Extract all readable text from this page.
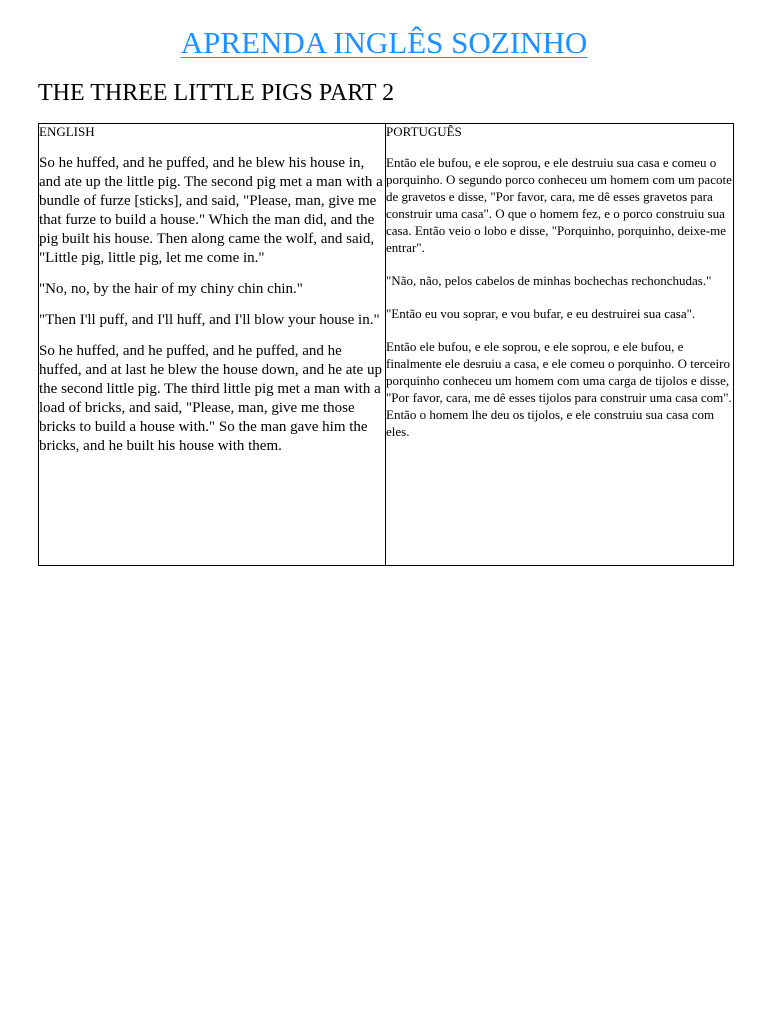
APRENDA INGLÊS SOZINHO
THE THREE LITTLE PIGS PART 2

ENGLISH

So he huffed, and he puffed, and he blew his house in, and ate up the little pig. The second pig met a man with a bundle of furze [sticks], and said, "Please, man, give me that furze to build a house." Which the man did, and the pig built his house. Then along came the wolf, and said, "Little pig, little pig, let me come in."

"No, no, by the hair of my chiny chin chin."

"Then I'll puff, and I'll huff, and I'll blow your house in."

So he huffed, and he puffed, and he puffed, and he huffed, and at last he blew the house down, and he ate up the second little pig. The third little pig met a man with a load of bricks, and said, "Please, man, give me those bricks to build a house with." So the man gave him the bricks, and he built his house with them.

PORTUGUÊS

Então ele bufou, e ele soprou, e ele destruiu sua casa e comeu o porquinho. O segundo porco conheceu um homem com um pacote de gravetos e disse, "Por favor, cara, me dê esses gravetos para construir uma casa". O que o homem fez, e o porco construiu sua casa. Então veio o lobo e disse, "Porquinho, porquinho, deixe-me entrar".

"Não, não, pelos cabelos de minhas bochechas rechonchudas."

"Então eu vou soprar, e vou bufar, e eu destruirei sua casa".

Então ele bufou, e ele soprou, e ele soprou, e ele bufou, e finalmente ele desruiu a casa, e ele comeu o porquinho. O terceiro porquinho conheceu um homem com uma carga de tijolos e disse, "Por favor, cara, me dê esses tijolos para construir uma casa com". Então o homem lhe deu os tijolos, e ele construiu sua casa com eles.
